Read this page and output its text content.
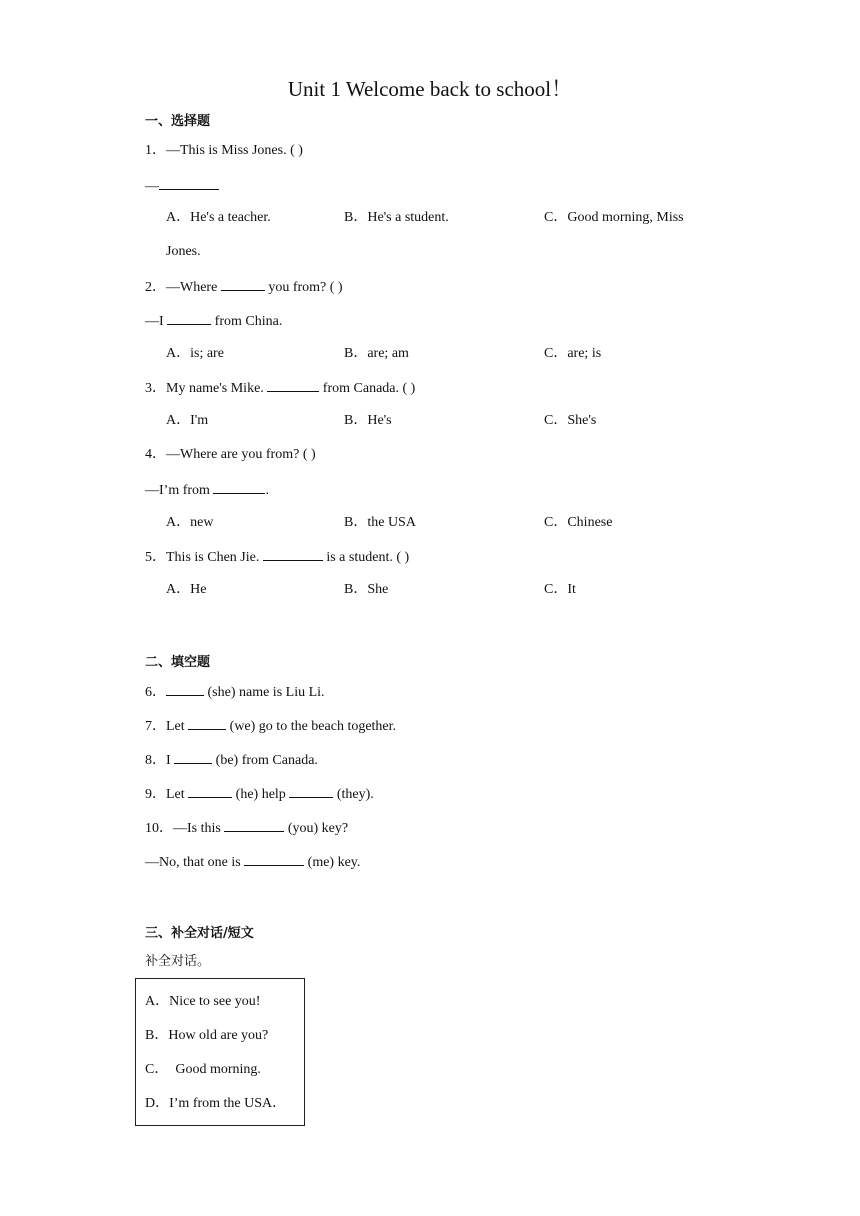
Unit 1 Welcome back to school！
一、选择题
1．—This is Miss Jones. ( )
—
A．He's a teacher.	B．He's a student.	C．Good morning, Miss
Jones.
2．—Where	you from? ( )
—I	from China.
A．is; are	B．are; am	C．are; is
3．My name's Mike.	from Canada. ( )
A．I'm	B．He's	C．She's
4．—Where are you from? ( )
—I’m from	.
A．new	B．the USA	C．Chinese
5．This is Chen Jie.	is a student. ( )
A．He	B．She	C．It
二、填空题
6．	(she) name is Liu Li.
7．Let	(we) go to the beach together.
8．I	(be) from Canada.
9．Let	(he) help	(they).
10．—Is this	(you) key?
—No, that one is	(me) key.
三、补全对话/短文
补全对话。
A．Nice to see you!
B．How old are you?
C．  Good morning.
D．I’m from the USA．
